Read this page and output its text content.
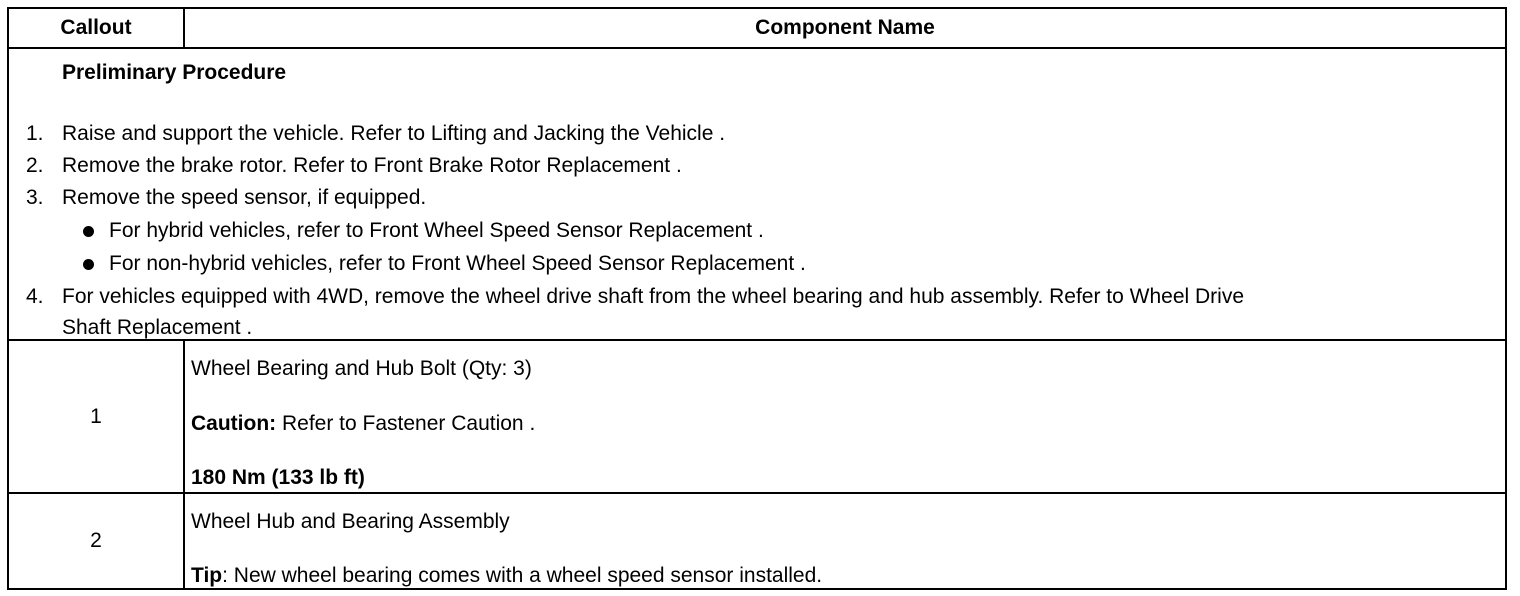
Callout	Component Name
Preliminary Procedure
1. Raise and support the vehicle. Refer to Lifting and Jacking the Vehicle .
2. Remove the brake rotor. Refer to Front Brake Rotor Replacement .
3. Remove the speed sensor, if equipped.
For hybrid vehicles, refer to Front Wheel Speed Sensor Replacement .
For non-hybrid vehicles, refer to Front Wheel Speed Sensor Replacement .
4. For vehicles equipped with 4WD, remove the wheel drive shaft from the wheel bearing and hub assembly. Refer to Wheel Drive
Shaft Replacement .
1
Wheel Bearing and Hub Bolt (Qty: 3)
Caution: Refer to Fastener Caution .
180 Nm (133 lb ft)
2
Wheel Hub and Bearing Assembly
Tip: New wheel bearing comes with a wheel speed sensor installed.
